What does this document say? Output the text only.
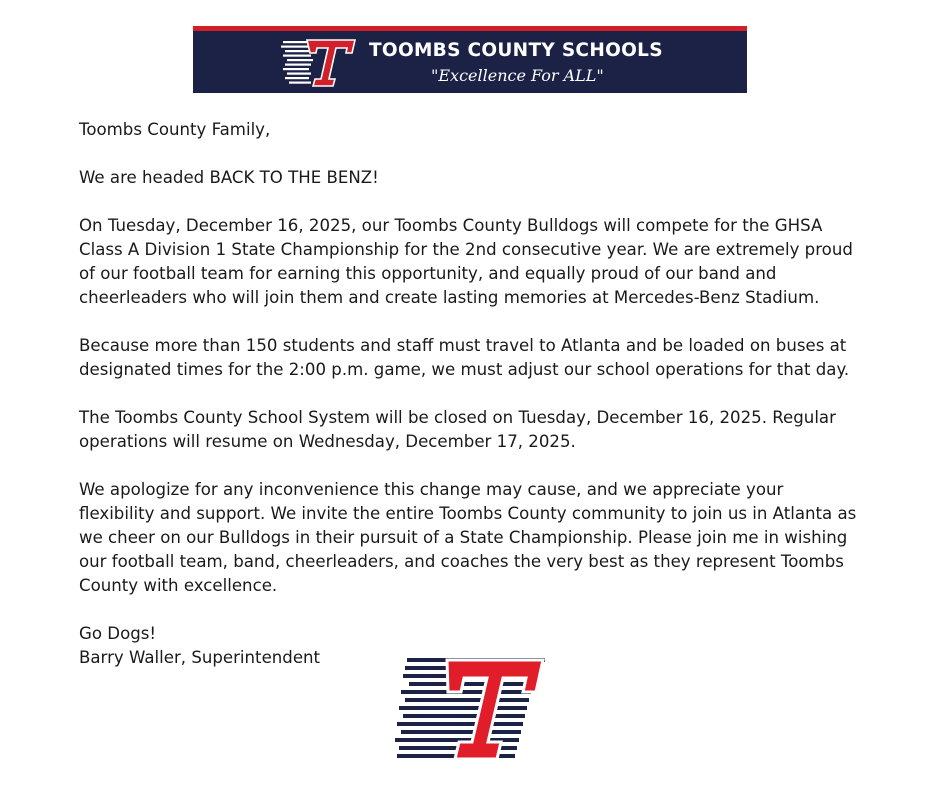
TOOMBS COUNTY SCHOOLS
"Excellence For ALL"

Toombs County Family,

We are headed BACK TO THE BENZ!

On Tuesday, December 16, 2025, our Toombs County Bulldogs will compete for the GHSA Class A Division 1 State Championship for the 2nd consecutive year. We are extremely proud of our football team for earning this opportunity, and equally proud of our band and cheerleaders who will join them and create lasting memories at Mercedes-Benz Stadium.

Because more than 150 students and staff must travel to Atlanta and be loaded on buses at designated times for the 2:00 p.m. game, we must adjust our school operations for that day.

The Toombs County School System will be closed on Tuesday, December 16, 2025. Regular operations will resume on Wednesday, December 17, 2025.

We apologize for any inconvenience this change may cause, and we appreciate your flexibility and support. We invite the entire Toombs County community to join us in Atlanta as we cheer on our Bulldogs in their pursuit of a State Championship. Please join me in wishing our football team, band, cheerleaders, and coaches the very best as they represent Toombs County with excellence.

Go Dogs!

Barry Waller, Superintendent
